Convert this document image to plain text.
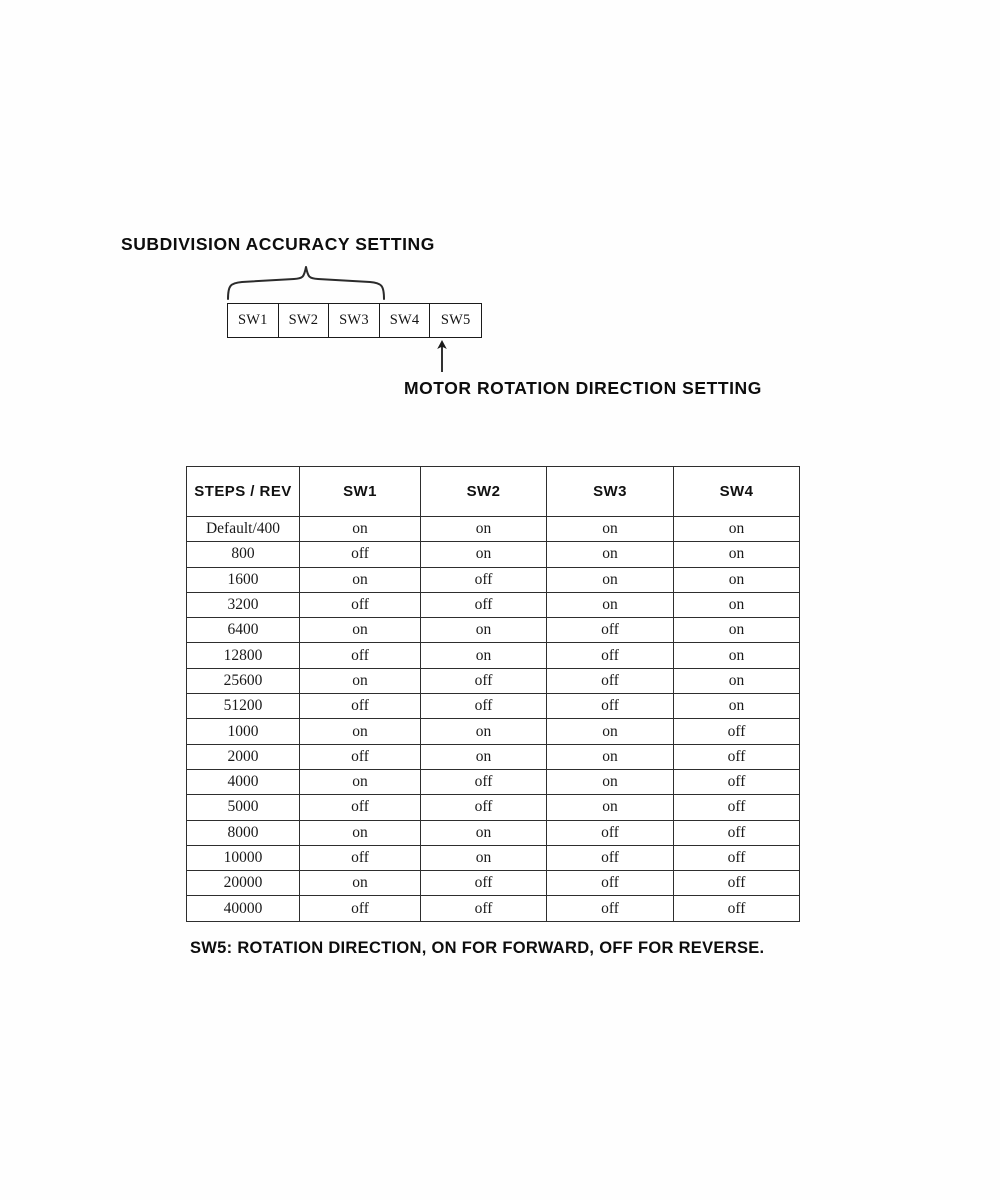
SUBDIVISION ACCURACY SETTING
SW1 SW2 SW3 SW4 SW5
MOTOR ROTATION DIRECTION SETTING
STEPS / REV	SW1	SW2	SW3	SW4
Default/400	on	on	on	on
800	off	on	on	on
1600	on	off	on	on
3200	off	off	on	on
6400	on	on	off	on
12800	off	on	off	on
25600	on	off	off	on
51200	off	off	off	on
1000	on	on	on	off
2000	off	on	on	off
4000	on	off	on	off
5000	off	off	on	off
8000	on	on	off	off
10000	off	on	off	off
20000	on	off	off	off
40000	off	off	off	off
SW5: ROTATION DIRECTION, ON FOR FORWARD, OFF FOR REVERSE.
